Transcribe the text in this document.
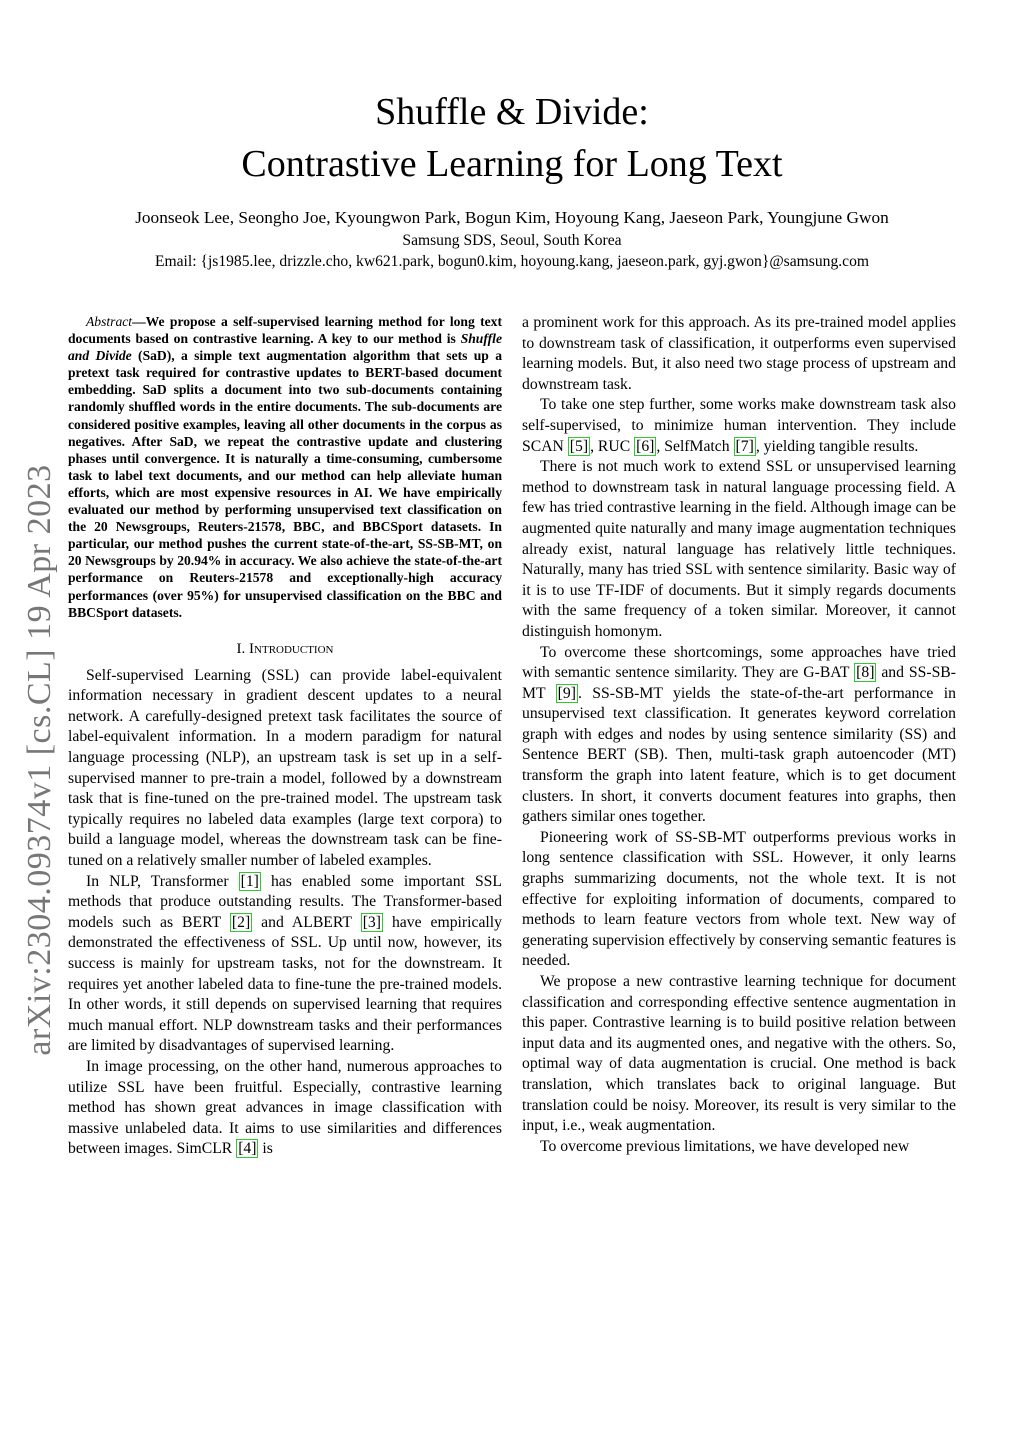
arXiv:2304.09374v1 [cs.CL] 19 Apr 2023
Shuffle & Divide:
Contrastive Learning for Long Text
Joonseok Lee, Seongho Joe, Kyoungwon Park, Bogun Kim, Hoyoung Kang, Jaeseon Park, Youngjune Gwon
Samsung SDS, Seoul, South Korea
Email: {js1985.lee, drizzle.cho, kw621.park, bogun0.kim, hoyoung.kang, jaeseon.park, gyj.gwon}@samsung.com

Abstract—We propose a self-supervised learning method for long text documents based on contrastive learning. A key to our method is Shuffle and Divide (SaD), a simple text augmentation algorithm that sets up a pretext task required for contrastive updates to BERT-based document embedding. SaD splits a document into two sub-documents containing randomly shuffled words in the entire documents. The sub-documents are considered positive examples, leaving all other documents in the corpus as negatives. After SaD, we repeat the contrastive update and clustering phases until convergence. It is naturally a time-consuming, cumbersome task to label text documents, and our method can help alleviate human efforts, which are most expensive resources in AI. We have empirically evaluated our method by performing unsupervised text classification on the 20 Newsgroups, Reuters-21578, BBC, and BBCSport datasets. In particular, our method pushes the current state-of-the-art, SS-SB-MT, on 20 Newsgroups by 20.94% in accuracy. We also achieve the state-of-the-art performance on Reuters-21578 and exceptionally-high accuracy performances (over 95%) for unsupervised classification on the BBC and BBCSport datasets.

I. Introduction

Self-supervised Learning (SSL) can provide label-equivalent information necessary in gradient descent updates to a neural network. A carefully-designed pretext task facilitates the source of label-equivalent information. In a modern paradigm for natural language processing (NLP), an upstream task is set up in a self-supervised manner to pre-train a model, followed by a downstream task that is fine-tuned on the pre-trained model. The upstream task typically requires no labeled data examples (large text corpora) to build a language model, whereas the downstream task can be fine-tuned on a relatively smaller number of labeled examples.

In NLP, Transformer [1] has enabled some important SSL methods that produce outstanding results. The Transformer-based models such as BERT [2] and ALBERT [3] have empirically demonstrated the effectiveness of SSL. Up until now, however, its success is mainly for upstream tasks, not for the downstream. It requires yet another labeled data to fine-tune the pre-trained models. In other words, it still depends on supervised learning that requires much manual effort. NLP downstream tasks and their performances are limited by disadvantages of supervised learning.

In image processing, on the other hand, numerous approaches to utilize SSL have been fruitful. Especially, contrastive learning method has shown great advances in image classification with massive unlabeled data. It aims to use similarities and differences between images. SimCLR [4] is

a prominent work for this approach. As its pre-trained model applies to downstream task of classification, it outperforms even supervised learning models. But, it also need two stage process of upstream and downstream task.

To take one step further, some works make downstream task also self-supervised, to minimize human intervention. They include SCAN [5] , RUC [6] , SelfMatch [7] , yielding tangible results.

There is not much work to extend SSL or unsupervised learning method to downstream task in natural language processing field. A few has tried contrastive learning in the field. Although image can be augmented quite naturally and many image augmentation techniques already exist, natural language has relatively little techniques. Naturally, many has tried SSL with sentence similarity. Basic way of it is to use TF-IDF of documents. But it simply regards documents with the same frequency of a token similar. Moreover, it cannot distinguish homonym.

To overcome these shortcomings, some approaches have tried with semantic sentence similarity. They are G-BAT [8] and SS-SB-MT [9] . SS-SB-MT yields the state-of-the-art performance in unsupervised text classification. It generates keyword correlation graph with edges and nodes by using sentence similarity (SS) and Sentence BERT (SB). Then, multi-task graph autoencoder (MT) transform the graph into latent feature, which is to get document clusters. In short, it converts document features into graphs, then gathers similar ones together.

Pioneering work of SS-SB-MT outperforms previous works in long sentence classification with SSL. However, it only learns graphs summarizing documents, not the whole text. It is not effective for exploiting information of documents, compared to methods to learn feature vectors from whole text. New way of generating supervision effectively by conserving semantic features is needed.

We propose a new contrastive learning technique for document classification and corresponding effective sentence augmentation in this paper. Contrastive learning is to build positive relation between input data and its augmented ones, and negative with the others. So, optimal way of data augmentation is crucial. One method is back translation, which translates back to original language. But translation could be noisy. Moreover, its result is very similar to the input, i.e., weak augmentation.

To overcome previous limitations, we have developed new
